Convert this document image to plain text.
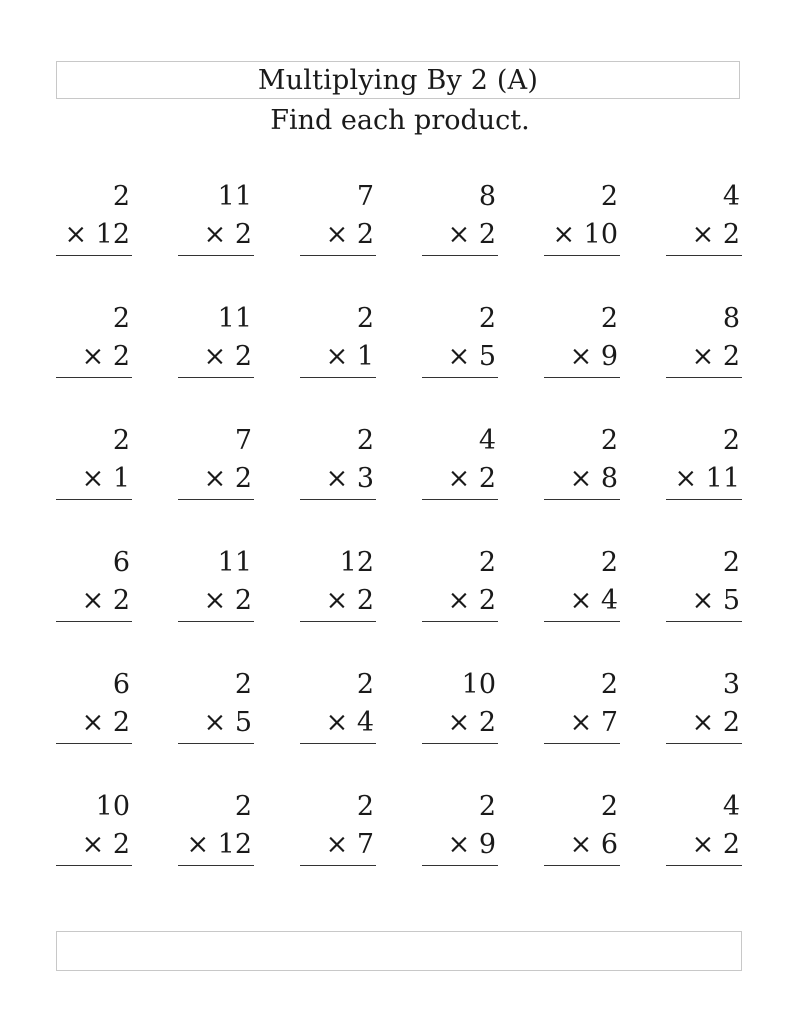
Multiplying By 2 (A)
Find each product.
2
× 12
11
× 2
7
× 2
8
× 2
2
× 10
4
× 2
2
× 2
11
× 2
2
× 1
2
× 5
2
× 9
8
× 2
2
× 1
7
× 2
2
× 3
4
× 2
2
× 8
2
× 11
6
× 2
11
× 2
12
× 2
2
× 2
2
× 4
2
× 5
6
× 2
2
× 5
2
× 4
10
× 2
2
× 7
3
× 2
10
× 2
2
× 12
2
× 7
2
× 9
2
× 6
4
× 2
